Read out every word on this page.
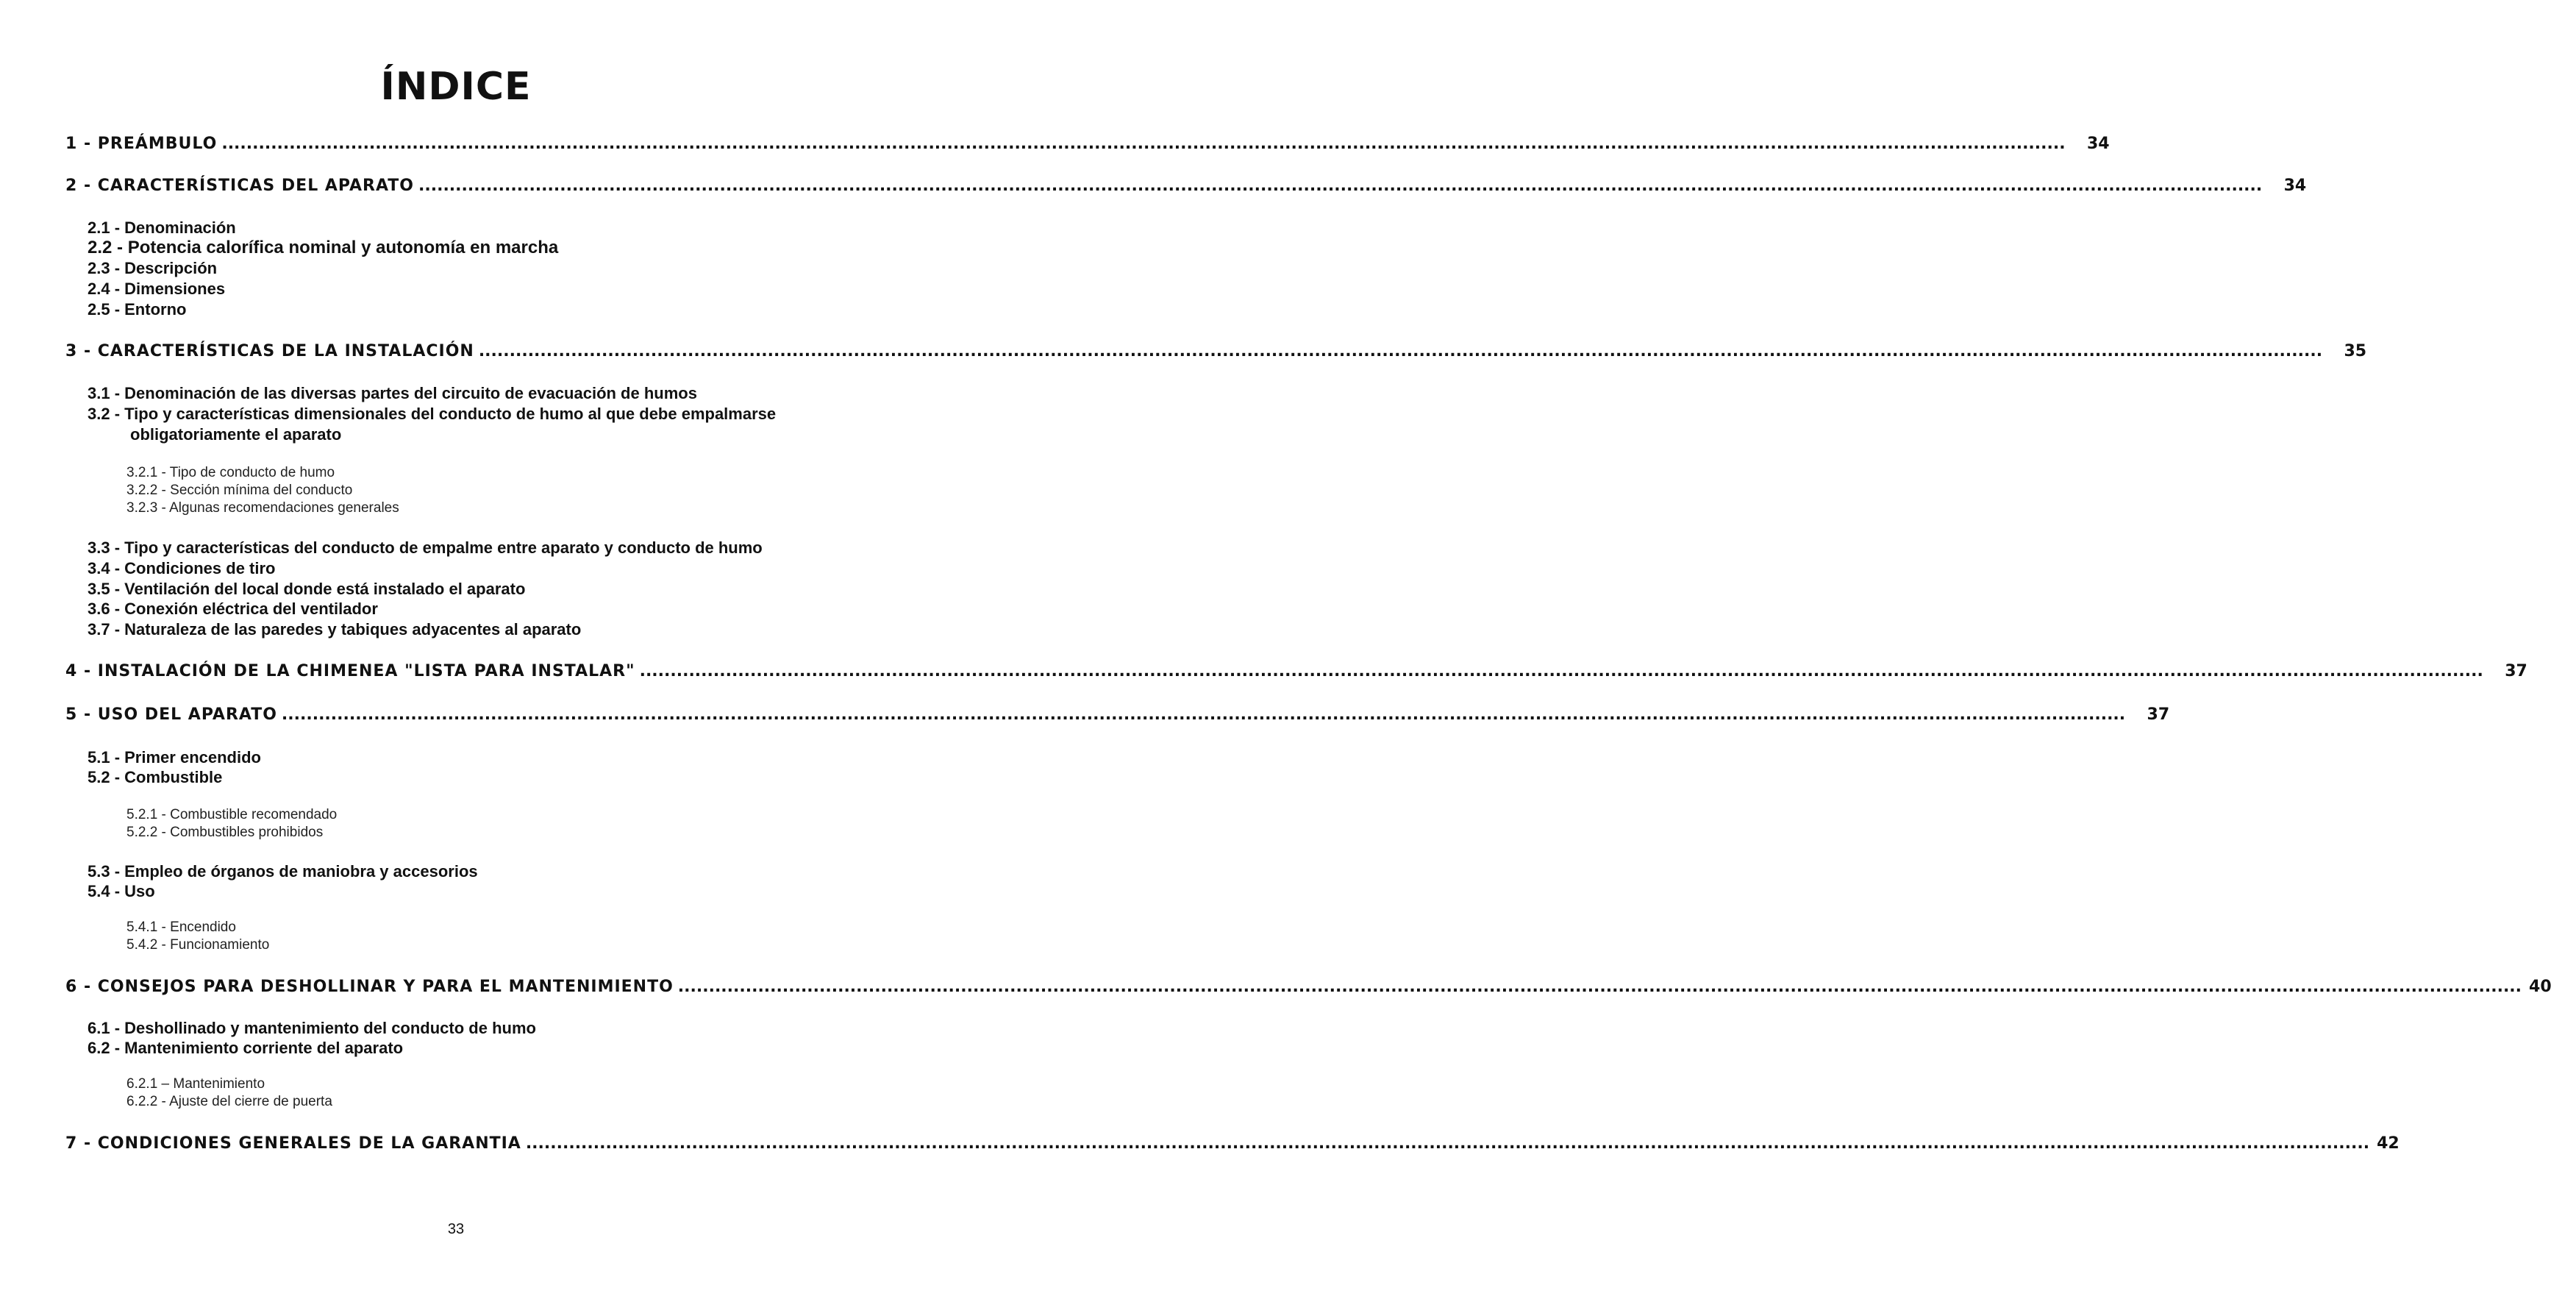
ÍNDICE
1 - PREÁMBULO ............................................................................................................................................................................................................................................................................................................	34
2 - CARACTERÍSTICAS DEL APARATO ............................................................................................................................................................................................................................................................................................................	34
2.1 - Denominación
2.2 - Potencia calorífica nominal y autonomía en marcha
2.3 - Descripción
2.4 - Dimensiones
2.5 - Entorno
3 - CARACTERÍSTICAS DE LA INSTALACIÓN ............................................................................................................................................................................................................................................................................................................	35
3.1 - Denominación de las diversas partes del circuito de evacuación de humos
3.2 - Tipo y características dimensionales del conducto de humo al que debe empalmarse
obligatoriamente el aparato
3.2.1 - Tipo de conducto de humo
3.2.2 - Sección mínima del conducto
3.2.3 - Algunas recomendaciones generales
3.3 - Tipo y características del conducto de empalme entre aparato y conducto de humo
3.4 - Condiciones de tiro
3.5 - Ventilación del local donde está instalado el aparato
3.6 - Conexión eléctrica del ventilador
3.7 - Naturaleza de las paredes y tabiques adyacentes al aparato
4 - INSTALACIÓN DE LA CHIMENEA "LISTA PARA INSTALAR" ............................................................................................................................................................................................................................................................................................................	37
5 - USO DEL APARATO ............................................................................................................................................................................................................................................................................................................	37
5.1 - Primer encendido
5.2 - Combustible
5.2.1 - Combustible recomendado
5.2.2 - Combustibles prohibidos
5.3 - Empleo de órganos de maniobra y accesorios
5.4 - Uso
5.4.1 - Encendido
5.4.2 - Funcionamiento
6 - CONSEJOS PARA DESHOLLINAR Y PARA EL MANTENIMIENTO ............................................................................................................................................................................................................................................................................................................ 40
6.1 - Deshollinado y mantenimiento del conducto de humo
6.2 - Mantenimiento corriente del aparato
6.2.1 – Mantenimiento
6.2.2 - Ajuste del cierre de puerta
7 - CONDICIONES GENERALES DE LA GARANTIA ............................................................................................................................................................................................................................................................................................................ 42
33
